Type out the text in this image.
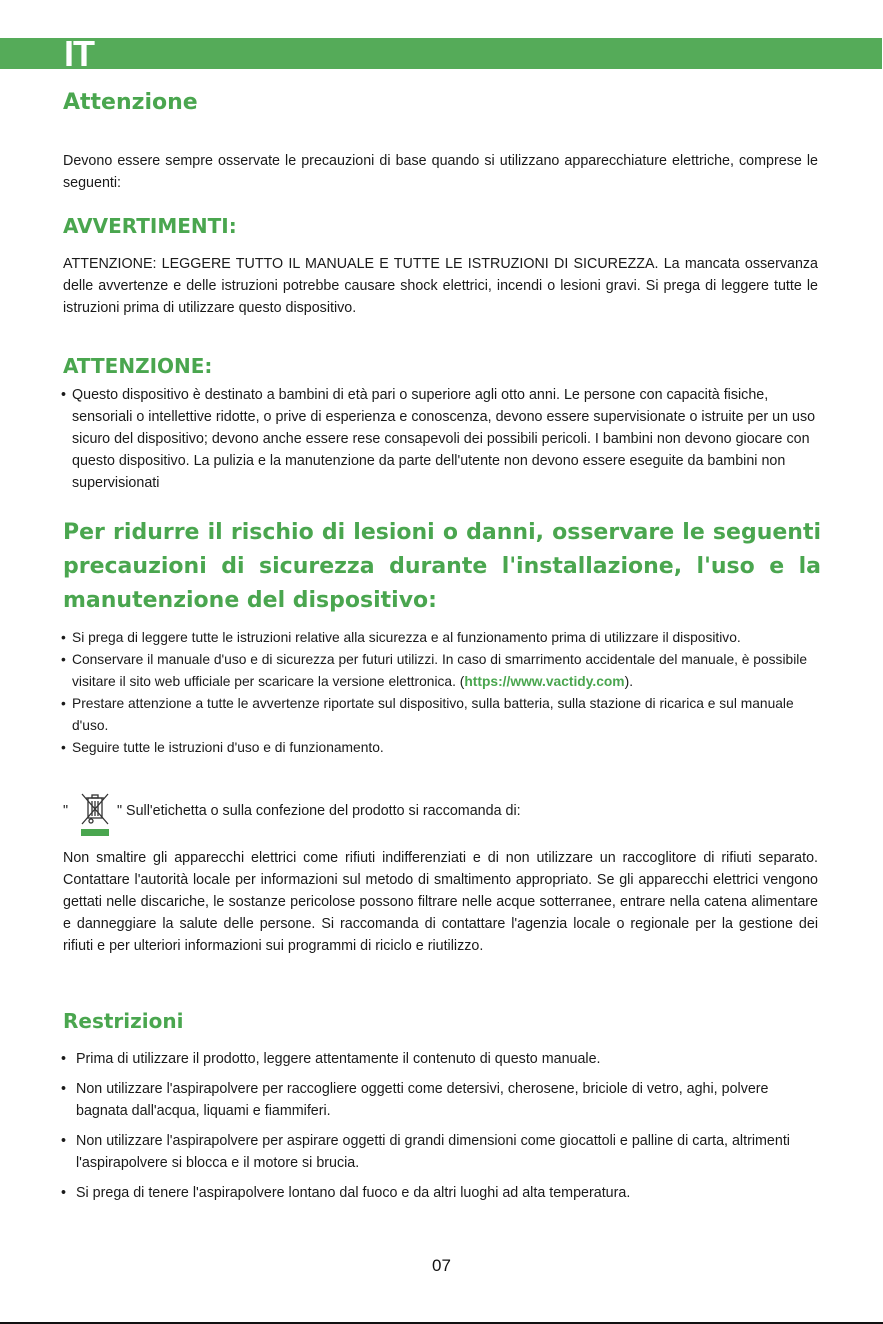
IT
Attenzione

Devono essere sempre osservate le precauzioni di base quando si utilizzano apparecchiature elettriche, comprese le seguenti:

AVVERTIMENTI:

ATTENZIONE: LEGGERE TUTTO IL MANUALE E TUTTE LE ISTRUZIONI DI SICUREZZA. La mancata osservanza delle avvertenze e delle istruzioni potrebbe causare shock elettrici, incendi o lesioni gravi. Si prega di leggere tutte le istruzioni prima di utilizzare questo dispositivo.

ATTENZIONE:
• Questo dispositivo è destinato a bambini di età pari o superiore agli otto anni. Le persone con capacità fisiche, sensoriali o intellettive ridotte, o prive di esperienza e conoscenza, devono essere supervisionate o istruite per un uso sicuro del dispositivo; devono anche essere rese consapevoli dei possibili pericoli. I bambini non devono giocare con questo dispositivo. La pulizia e la manutenzione da parte dell'utente non devono essere eseguite da bambini non supervisionati
Per ridurre il rischio di lesioni o danni, osservare le seguenti precauzioni di sicurezza durante l'installazione, l'uso e la manutenzione del dispositivo:
• Si prega di leggere tutte le istruzioni relative alla sicurezza e al funzionamento prima di utilizzare il dispositivo.
• Conservare il manuale d'uso e di sicurezza per futuri utilizzi. In caso di smarrimento accidentale del manuale, è possibile visitare il sito web ufficiale per scaricare la versione elettronica. (https://www.vactidy.com).
• Prestare attenzione a tutte le avvertenze riportate sul dispositivo, sulla batteria, sulla stazione di ricarica e sul manuale d'uso.
• Seguire tutte le istruzioni d'uso e di funzionamento.
"	" Sull'etichetta o sulla confezione del prodotto si raccomanda di:

Non smaltire gli apparecchi elettrici come rifiuti indifferenziati e di non utilizzare un raccoglitore di rifiuti separato. Contattare l'autorità locale per informazioni sul metodo di smaltimento appropriato. Se gli apparecchi elettrici vengono gettati nelle discariche, le sostanze pericolose possono filtrare nelle acque sotterranee, entrare nella catena alimentare e danneggiare la salute delle persone. Si raccomanda di contattare l'agenzia locale o regionale per la gestione dei rifiuti e per ulteriori informazioni sui programmi di riciclo e riutilizzo.

Restrizioni
• Prima di utilizzare il prodotto, leggere attentamente il contenuto di questo manuale.
• Non utilizzare l'aspirapolvere per raccogliere oggetti come detersivi, cherosene, briciole di vetro, aghi, polvere bagnata dall'acqua, liquami e fiammiferi.
• Non utilizzare l'aspirapolvere per aspirare oggetti di grandi dimensioni come giocattoli e palline di carta, altrimenti l'aspirapolvere si blocca e il motore si brucia.
• Si prega di tenere l'aspirapolvere lontano dal fuoco e da altri luoghi ad alta temperatura.
07
